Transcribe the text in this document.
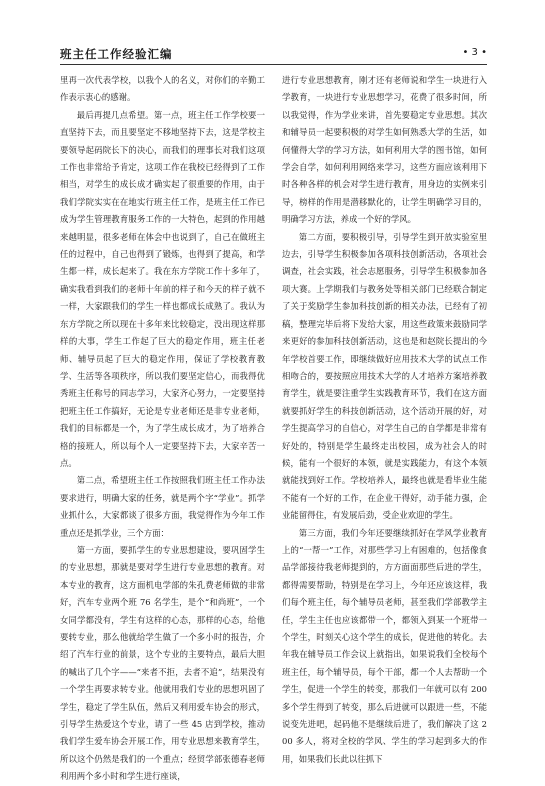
班主任工作经验汇编	• 3 •

里再一次代表学校，以我个人的名义，对你们的辛勤工作表示衷心的感谢。

最后再提几点希望。第一点，班主任工作学校要一直坚持下去，而且要坚定不移地坚持下去，这是学校主要领导起码院长下的决心，而我们的理事长对我们这项工作也非常给予肯定，这项工作在我校已经得到了工作相当，对学生的成长成才确实起了很重要的作用，由于我们学院实实在在地实行班主任工作，是班主任工作已成为学生管理教育服务工作的一大特色，起到的作用越来越明显，很多老师在体会中也说到了，自己在做班主任的过程中，自己也得到了锻炼，也得到了提高，和学生都一样，成长起来了。我在东方学院工作十多年了，确实我看到我们的老师十年前的样子和今天的样子就不一样，大家跟我们的学生一样也都成长成熟了。我认为东方学院之所以现在十多年来比较稳定，没出现这样那样的大事，学生工作起了巨大的稳定作用，班主任老师、辅导员起了巨大的稳定作用，保证了学校教育教学、生活等各项秩序，所以我们要坚定信心，而我得优秀班主任称号的同志学习，大家齐心努力，一定要坚持把班主任工作搞好，无论是专业老师还是非专业老师，我们的目标都是一个，为了学生成长成才，为了培养合格的接班人，所以每个人一定要坚持下去，大家辛苦一点。

第二点，希望班主任工作按照我们班主任工作办法要求进行，明确大家的任务，就是两个字“学业”。抓学业抓什么，大家都谈了很多方面，我觉得作为今年工作重点还是抓学业，三个方面：

第一方面，要抓学生的专业思想建设，要巩固学生的专业思想，那就是要对学生进行专业思想的教育。对本专业的教育，这方面机电学部的朱孔费老师做的非常好，汽车专业两个班 76 名学生，是个“和尚班”，一个女同学都没有，学生有这样的心态，那样的心态，给他要转专业，那么他就给学生做了一个多小时的报告，介绍了汽车行业的前景，这个专业的主要特点，最后大胆的喊出了几个字——“来者不拒，去者不追”，结果没有一个学生再要求转专业。他就用我们专业的思想巩固了学生，稳定了学生队伍，然后又利用爱车协会的形式，引导学生热爱这个专业，请了一些 45 店到学校，推动我们学生爱车协会开展工作，用专业思想来教育学生，所以这个仍然是我们的一个重点；经贸学部张德春老师利用两个多小时和学生进行座谈，

进行专业思想教育，刚才还有老师说和学生一块进行入学教育，一块进行专业思想学习，花费了很多时间，所以我觉得，作为学业来讲，首先要稳定专业思想。其次和辅导员一起要积极的对学生如何熟悉大学的生活，如何懂得大学的学习方法，如何利用大学的图书馆，如何学会自学，如何利用网络来学习，这些方面应该利用下时各种各样的机会对学生进行教育，用身边的实例来引导，榜样的作用是潜移默化的，让学生明确学习目的，明确学习方法，养成一个好的学风。

第二方面，要积极引导，引导学生到开放实验室里边去，引导学生积极参加各项科技创新活动，各项社会调查，社会实践，社会志愿服务，引导学生积极参加各项大赛。上学期我们与教务处等相关部门已经联合制定了关于奖励学生参加科技创新的相关办法，已经有了初稿，整理完毕后将下发给大家，用这些政策来鼓励同学来更好的参加科技创新活动，这也是和赵院长提出的今年学校首要工作，即继续做好应用技术大学的试点工作相吻合的，要按照应用技术大学的人才培养方案培养教育学生，就是要注重学生实践教育环节，我们在这方面就要抓好学生的科技创新活动，这个活动开展的好，对学生提高学习的自信心，对学生自己的自学都是非常有好处的，特别是学生最终走出校园，成为社会人的时候，能有一个很好的本领，就是实践能力，有这个本领就能找到好工作。学校培养人，最终也就是看毕业生能不能有一个好的工作，在企业干得好，动手能力强，企业能留得住，有发展后劲，受企业欢迎的学生。

第三方面，我们今年还要继续抓好在学风学业教育上的“一帮一”工作，对那些学习上有困难的，包括像食品学部接待我老师提到的，方方面面那些后进的学生，都得需要帮助，特别是在学习上，今年还应该这样，我们每个班主任，每个辅导员老师，甚至我们学部教学主任，学生主任也应该都带一个，都领入到某一个班带一个学生，时刻关心这个学生的成长，促进他的转化。去年我在辅导员工作会议上就指出，如果说我们全校每个班主任，每个辅导员，每个干部，都一个人去帮助一个学生，促进一个学生的转变，那我们一年就可以有 200 多个学生得到了转变，那么后进就可以跟进一些，不能说变先进吧，起码他不是继续后进了，我们解决了这 200 多人，将对全校的学风、学生的学习起到多大的作用，如果我们长此以往抓下
